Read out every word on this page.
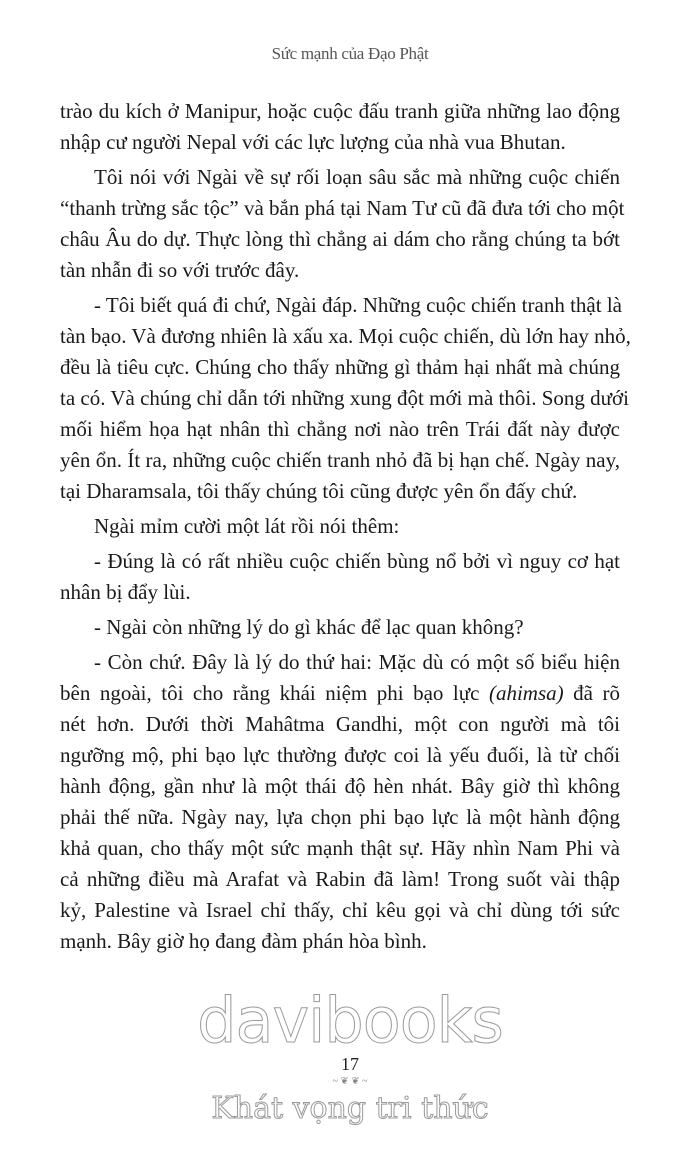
Sức mạnh của Đạo Phật
trào du kích ở Manipur, hoặc cuộc đấu tranh giữa những lao động
nhập cư người Nepal với các lực lượng của nhà vua Bhutan.
Tôi nói với Ngài về sự rối loạn sâu sắc mà những cuộc chiến
“thanh trừng sắc tộc” và bắn phá tại Nam Tư cũ đã đưa tới cho một
châu Âu do dự. Thực lòng thì chẳng ai dám cho rằng chúng ta bớt
tàn nhẫn đi so với trước đây.
- Tôi biết quá đi chứ, Ngài đáp. Những cuộc chiến tranh thật là
tàn bạo. Và đương nhiên là xấu xa. Mọi cuộc chiến, dù lớn hay nhỏ,
đều là tiêu cực. Chúng cho thấy những gì thảm hại nhất mà chúng
ta có. Và chúng chỉ dẫn tới những xung đột mới mà thôi. Song dưới
mối hiểm họa hạt nhân thì chẳng nơi nào trên Trái đất này được
yên ổn. Ít ra, những cuộc chiến tranh nhỏ đã bị hạn chế. Ngày nay,
tại Dharamsala, tôi thấy chúng tôi cũng được yên ổn đấy chứ.
Ngài mỉm cười một lát rồi nói thêm:
- Đúng là có rất nhiều cuộc chiến bùng nổ bởi vì nguy cơ hạt
nhân bị đẩy lùi.
- Ngài còn những lý do gì khác để lạc quan không?
- Còn chứ. Đây là lý do thứ hai: Mặc dù có một số biểu hiện
bên ngoài, tôi cho rằng khái niệm phi bạo lực (ahimsa) đã rõ
nét hơn. Dưới thời Mahâtma Gandhi, một con người mà tôi
ngưỡng mộ, phi bạo lực thường được coi là yếu đuối, là từ chối
hành động, gần như là một thái độ hèn nhát. Bây giờ thì không
phải thế nữa. Ngày nay, lựa chọn phi bạo lực là một hành động
khả quan, cho thấy một sức mạnh thật sự. Hãy nhìn Nam Phi và
cả những điều mà Arafat và Rabin đã làm! Trong suốt vài thập
kỷ, Palestine và Israel chỉ thấy, chỉ kêu gọi và chỉ dùng tới sức
mạnh. Bây giờ họ đang đàm phán hòa bình.
davibooks
17
~ ❦ ❦ ~
Khát vọng tri thức
